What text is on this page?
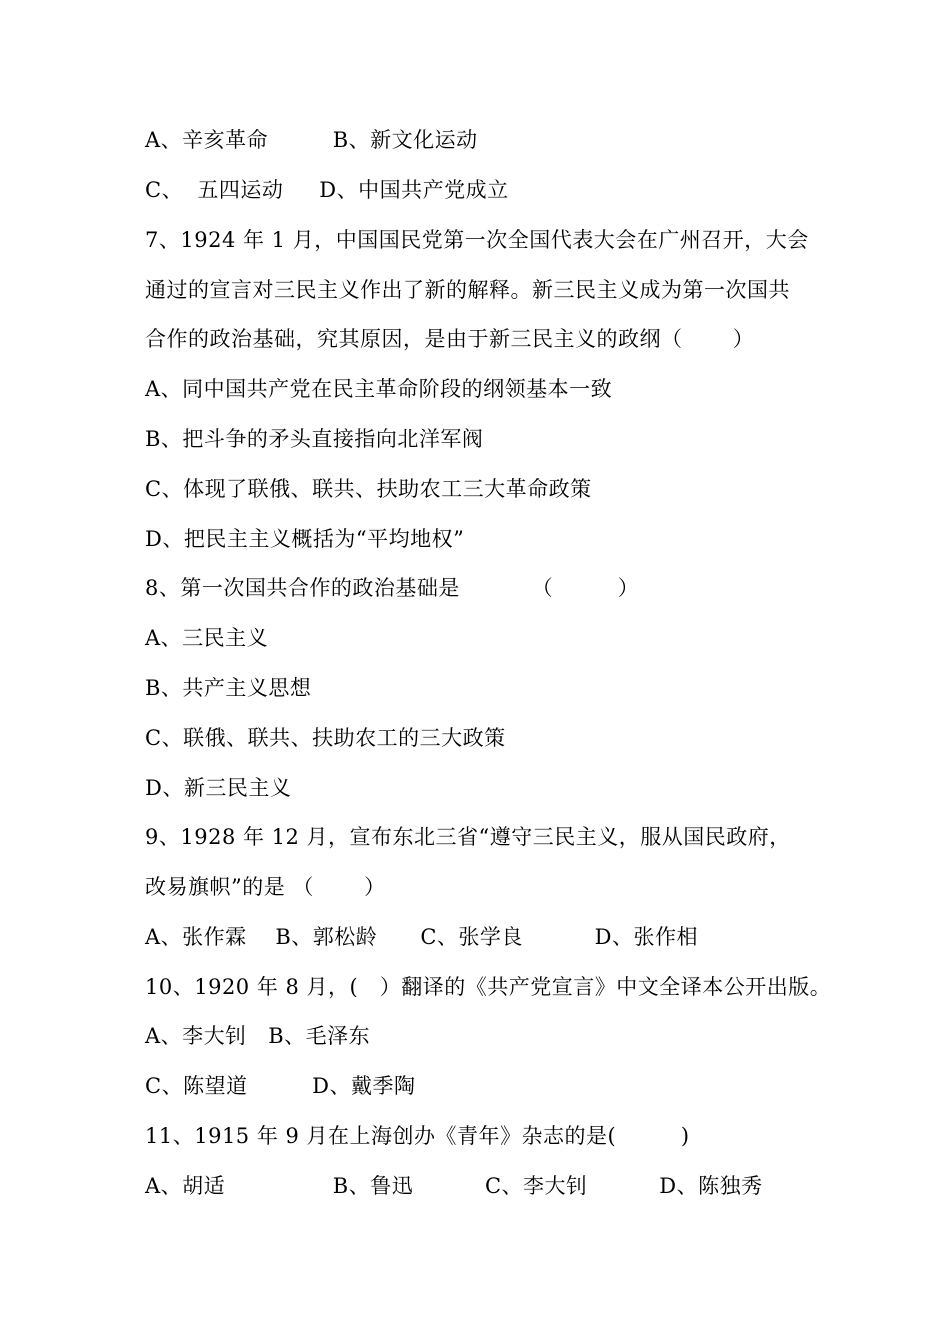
A、辛亥革命         B、新文化运动
C、  五四运动     D、中国共产党成立
7、1924 年 1 月，中国国民党第一次全国代表大会在广州召开，大会
通过的宣言对三民主义作出了新的解释。新三民主义成为第一次国共
合作的政治基础，究其原因，是由于新三民主义的政纲（       ）
A、同中国共产党在民主革命阶段的纲领基本一致
B、把斗争的矛头直接指向北洋军阀
C、体现了联俄、联共、扶助农工三大革命政策
D、把民主主义概括为“平均地权”
8、第一次国共合作的政治基础是          （         ）
A、三民主义
B、共产主义思想
C、联俄、联共、扶助农工的三大政策
D、新三民主义
9、1928 年 12 月，宣布东北三省“遵守三民主义，服从国民政府，
改易旗帜”的是 （       ）
A、张作霖    B、郭松龄      C、张学良          D、张作相
10、1920 年 8 月，(   ）翻译的《共产党宣言》中文全译本公开出版。
A、李大钊   B、毛泽东
C、陈望道         D、戴季陶
11、1915 年 9 月在上海创办《青年》杂志的是(         )
A、胡适               B、鲁迅          C、李大钊          D、陈独秀
